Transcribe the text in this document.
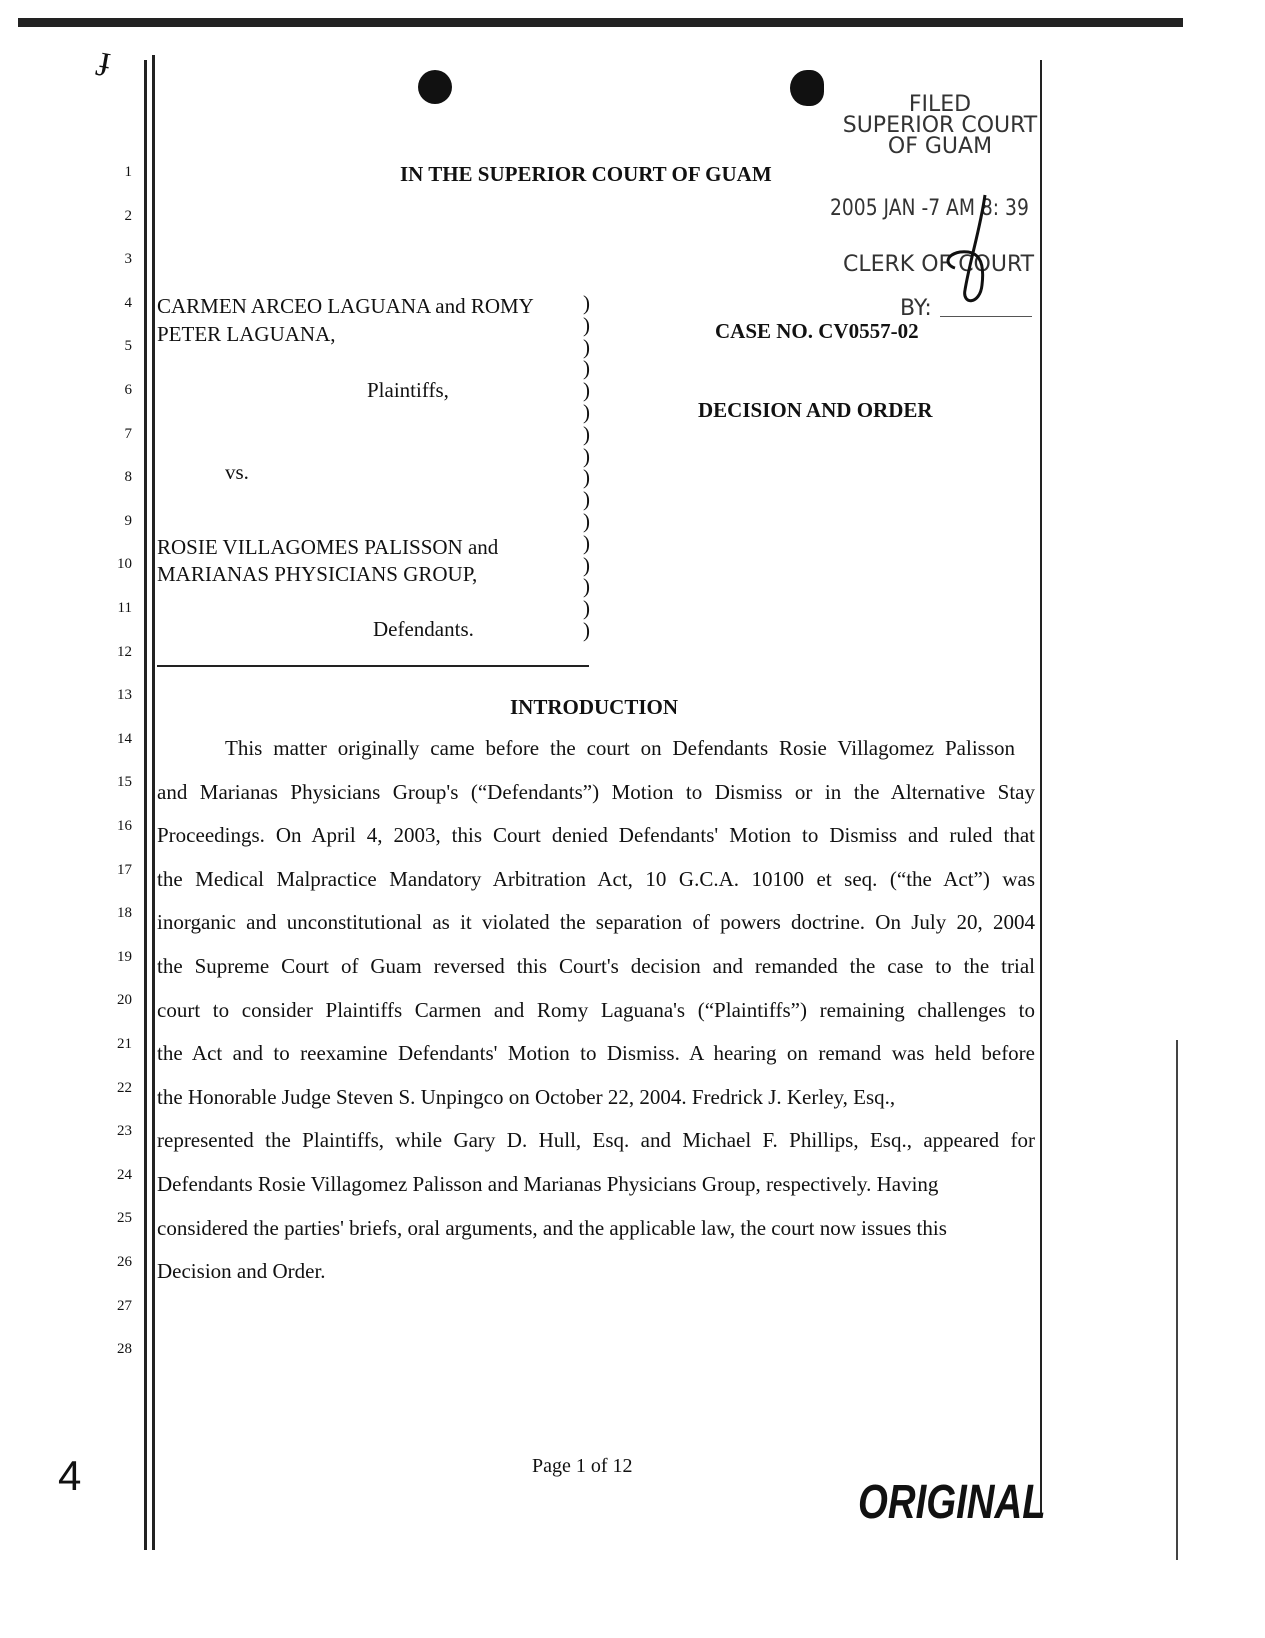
ɟ
IN THE SUPERIOR COURT OF GUAM
FILED
SUPERIOR COURT
OF GUAM
2005 JAN -7 AM 8: 39
CLERK OF COURT
BY:
1
2
3
4
5
6
7
8
9
10
11
12
13
14
15
16
17
18
19
20
21
22
23
24
25
26
27
28
CARMEN ARCEO LAGUANA and ROMY
PETER LAGUANA,
Plaintiffs,
vs.
ROSIE VILLAGOMES PALISSON and
MARIANAS PHYSICIANS GROUP,
Defendants.
)
)
)
)
)
)
)
)
)
)
)
)
)
)
)
)
CASE NO. CV0557-02
DECISION AND ORDER
INTRODUCTION
This matter originally came before the court on Defendants Rosie Villagomez Palisson
and Marianas Physicians Group's (“Defendants”) Motion to Dismiss or in the Alternative Stay
Proceedings. On April 4, 2003, this Court denied Defendants' Motion to Dismiss and ruled that
the Medical Malpractice Mandatory Arbitration Act, 10 G.C.A. 10100 et seq. (“the Act”) was
inorganic and unconstitutional as it violated the separation of powers doctrine. On July 20, 2004
the Supreme Court of Guam reversed this Court's decision and remanded the case to the trial
court to consider Plaintiffs Carmen and Romy Laguana's (“Plaintiffs”) remaining challenges to
the Act and to reexamine Defendants' Motion to Dismiss. A hearing on remand was held before
the Honorable Judge Steven S. Unpingco on October 22, 2004. Fredrick J. Kerley, Esq.,
represented the Plaintiffs, while Gary D. Hull, Esq. and Michael F. Phillips, Esq., appeared for
Defendants Rosie Villagomez Palisson and Marianas Physicians Group, respectively. Having
considered the parties' briefs, oral arguments, and the applicable law, the court now issues this
Decision and Order.
Page 1 of 12
ORIGINAL
4
